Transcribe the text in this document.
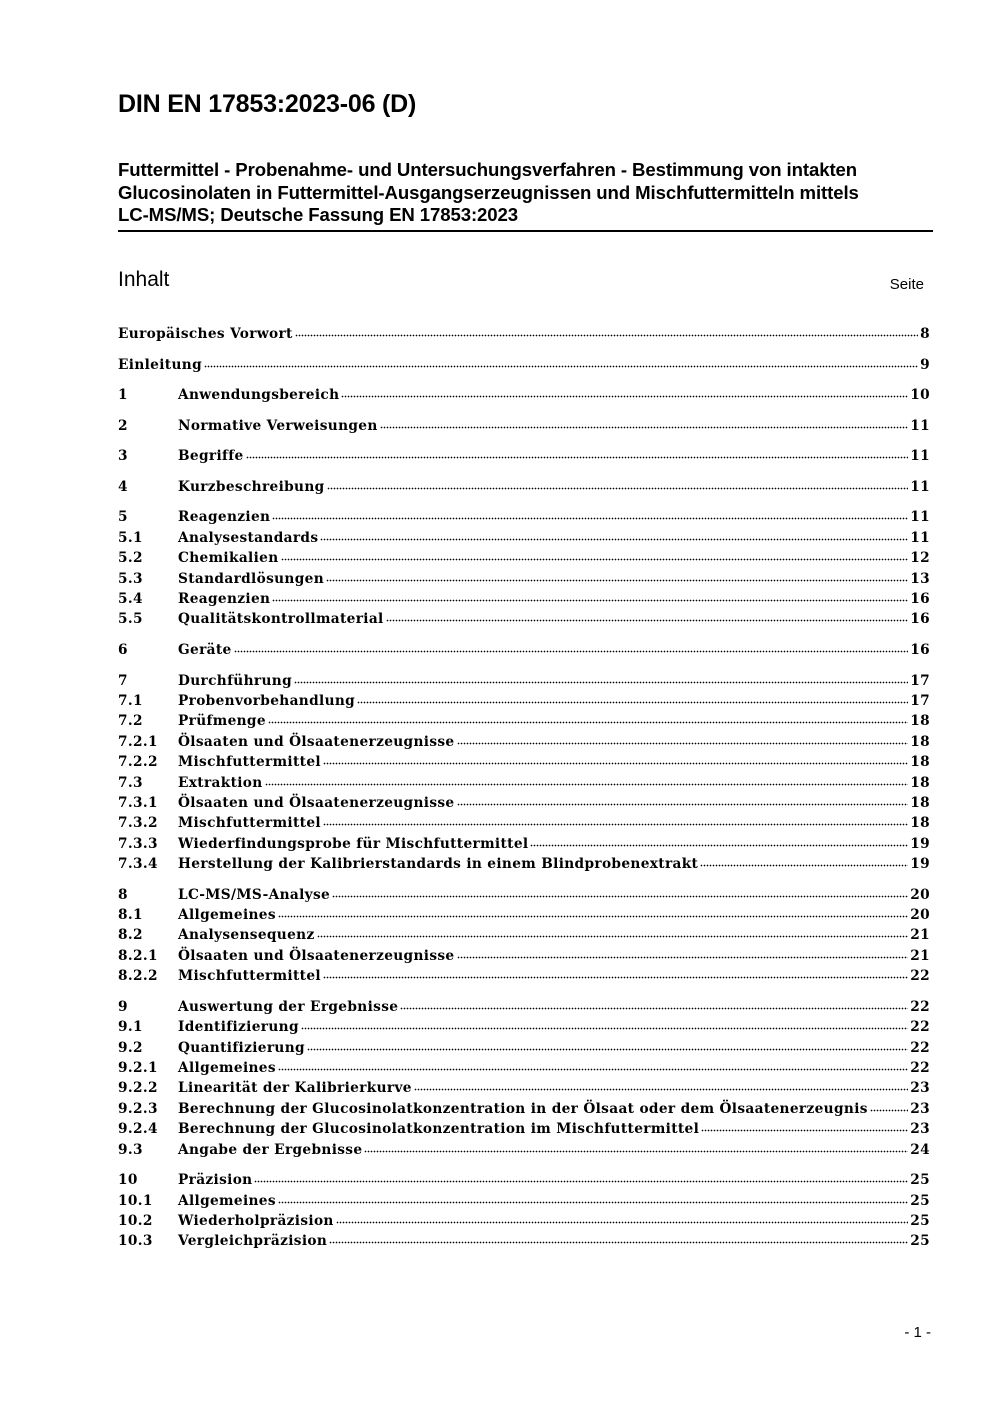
DIN EN 17853:2023-06 (D)
Futtermittel - Probenahme- und Untersuchungsverfahren - Bestimmung von intakten
Glucosinolaten in Futtermittel-Ausgangserzeugnissen und Mischfuttermitteln mittels
LC-MS/MS; Deutsche Fassung EN 17853:2023
Inhalt	Seite
Europäisches Vorwort	8
Einleitung	9
1	Anwendungsbereich	10
2	Normative Verweisungen	11
3	Begriffe	11
4	Kurzbeschreibung	11
5	Reagenzien	11
5.1	Analysestandards	11
5.2	Chemikalien	12
5.3	Standardlösungen	13
5.4	Reagenzien	16
5.5	Qualitätskontrollmaterial	16
6	Geräte	16
7	Durchführung	17
7.1	Probenvorbehandlung	17
7.2	Prüfmenge	18
7.2.1	Ölsaaten und Ölsaatenerzeugnisse	18
7.2.2	Mischfuttermittel	18
7.3	Extraktion	18
7.3.1	Ölsaaten und Ölsaatenerzeugnisse	18
7.3.2	Mischfuttermittel	18
7.3.3	Wiederfindungsprobe für Mischfuttermittel	19
7.3.4	Herstellung der Kalibrierstandards in einem Blindprobenextrakt	19
8	LC-MS/MS-Analyse	20
8.1	Allgemeines	20
8.2	Analysensequenz	21
8.2.1	Ölsaaten und Ölsaatenerzeugnisse	21
8.2.2	Mischfuttermittel	22
9	Auswertung der Ergebnisse	22
9.1	Identifizierung	22
9.2	Quantifizierung	22
9.2.1	Allgemeines	22
9.2.2	Linearität der Kalibrierkurve	23
9.2.3	Berechnung der Glucosinolatkonzentration in der Ölsaat oder dem Ölsaatenerzeugnis	23
9.2.4	Berechnung der Glucosinolatkonzentration im Mischfuttermittel	23
9.3	Angabe der Ergebnisse	24
10	Präzision	25
10.1	Allgemeines	25
10.2	Wiederholpräzision	25
10.3	Vergleichpräzision	25
- 1 -
